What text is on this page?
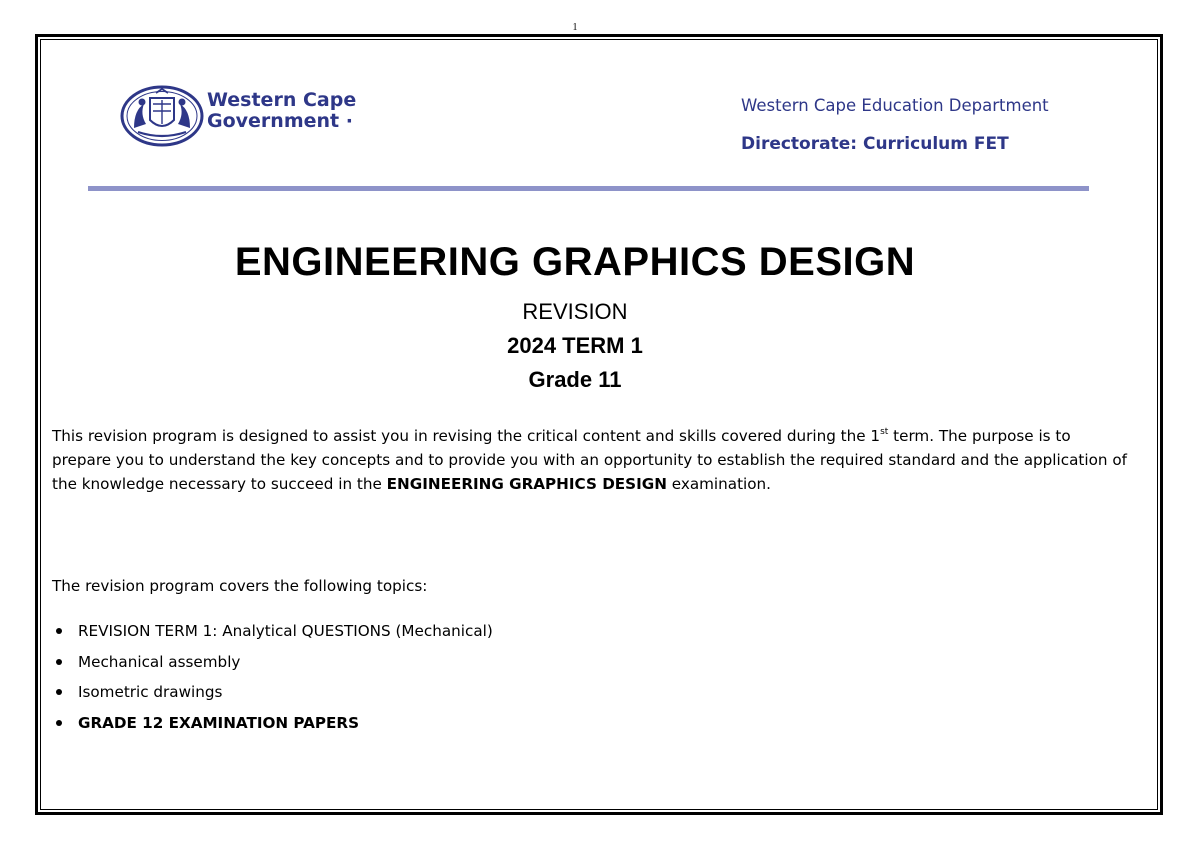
1
Western Cape
Government ·
Western Cape Education Department
Directorate: Curriculum FET
ENGINEERING GRAPHICS DESIGN
REVISION
2024 TERM 1
Grade 11
This revision program is designed to assist you in revising the critical content and skills covered during the 1st term. The purpose is to prepare you to understand the key concepts and to provide you with an opportunity to establish the required standard and the application of the knowledge necessary to succeed in the ENGINEERING GRAPHICS DESIGN examination.
The revision program covers the following topics:
REVISION TERM 1: Analytical QUESTIONS (Mechanical)
Mechanical assembly
Isometric drawings
GRADE 12 EXAMINATION PAPERS
